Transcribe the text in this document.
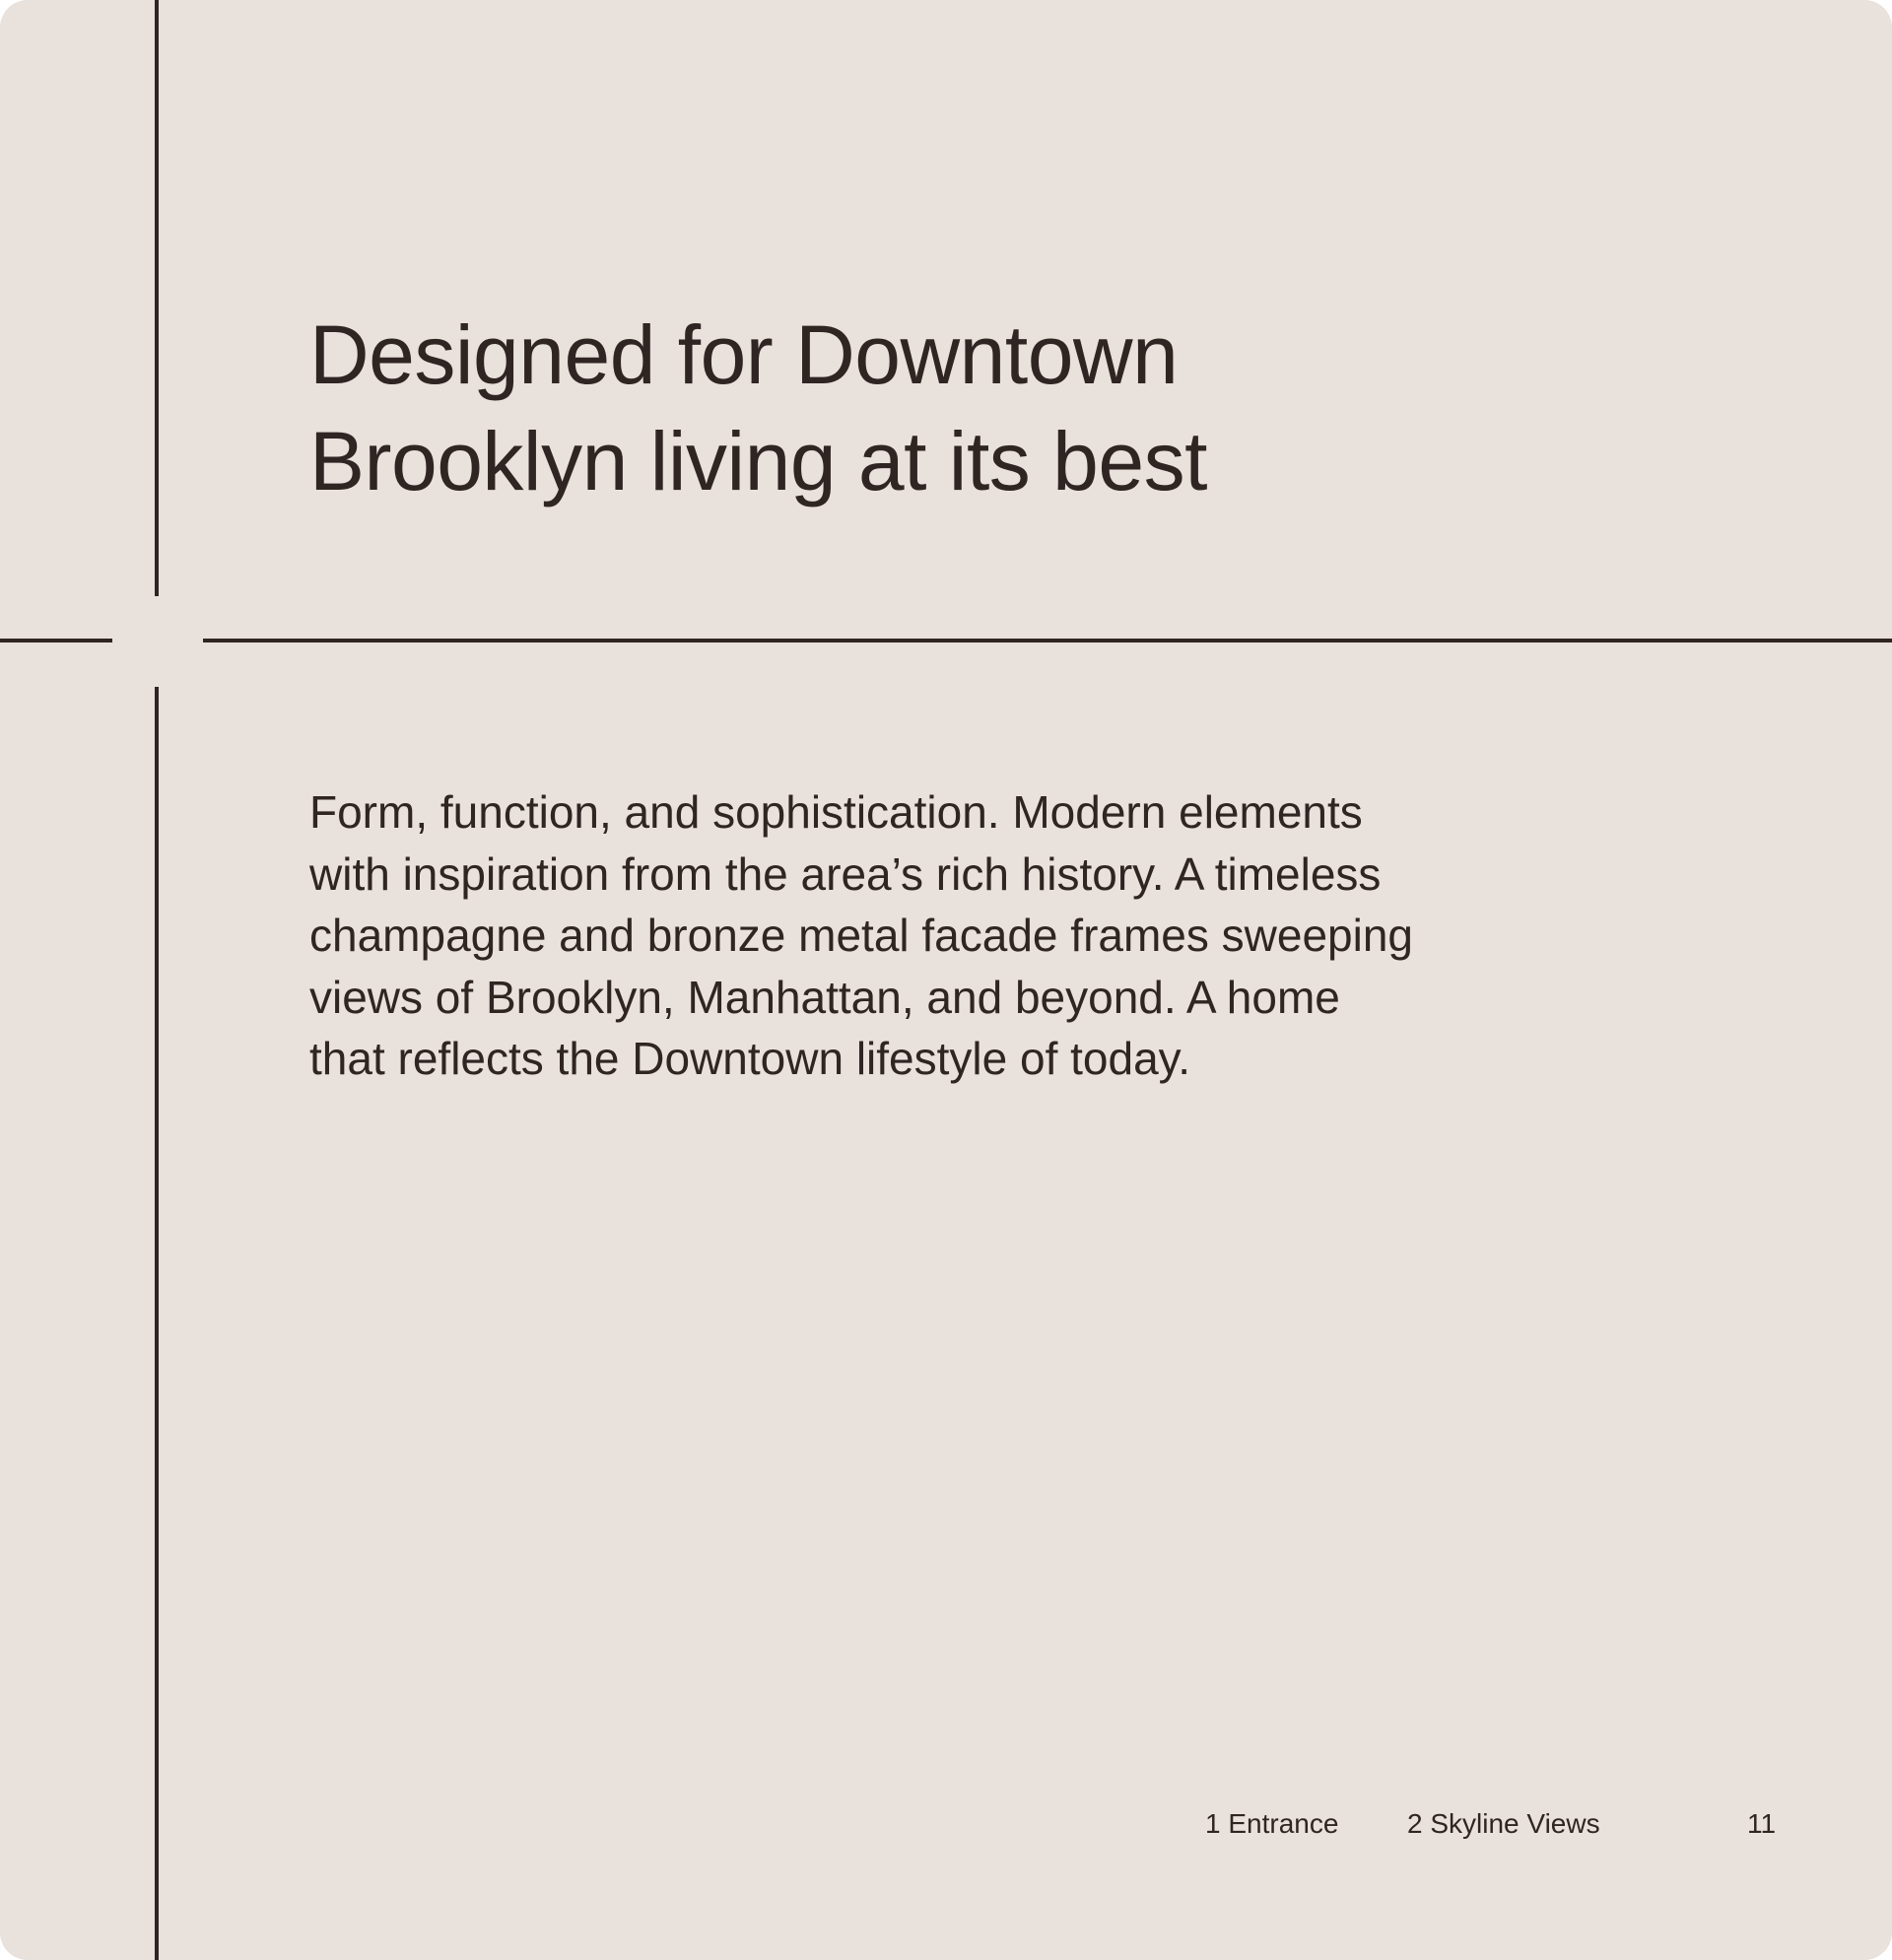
Designed for Downtown
Brooklyn living at its best

Form, function, and sophistication. Modern elements
with inspiration from the area’s rich history. A timeless
champagne and bronze metal facade frames sweeping
views of Brooklyn, Manhattan, and beyond. A home
that reflects the Downtown lifestyle of today.

1 Entrance 2 Skyline Views	11
